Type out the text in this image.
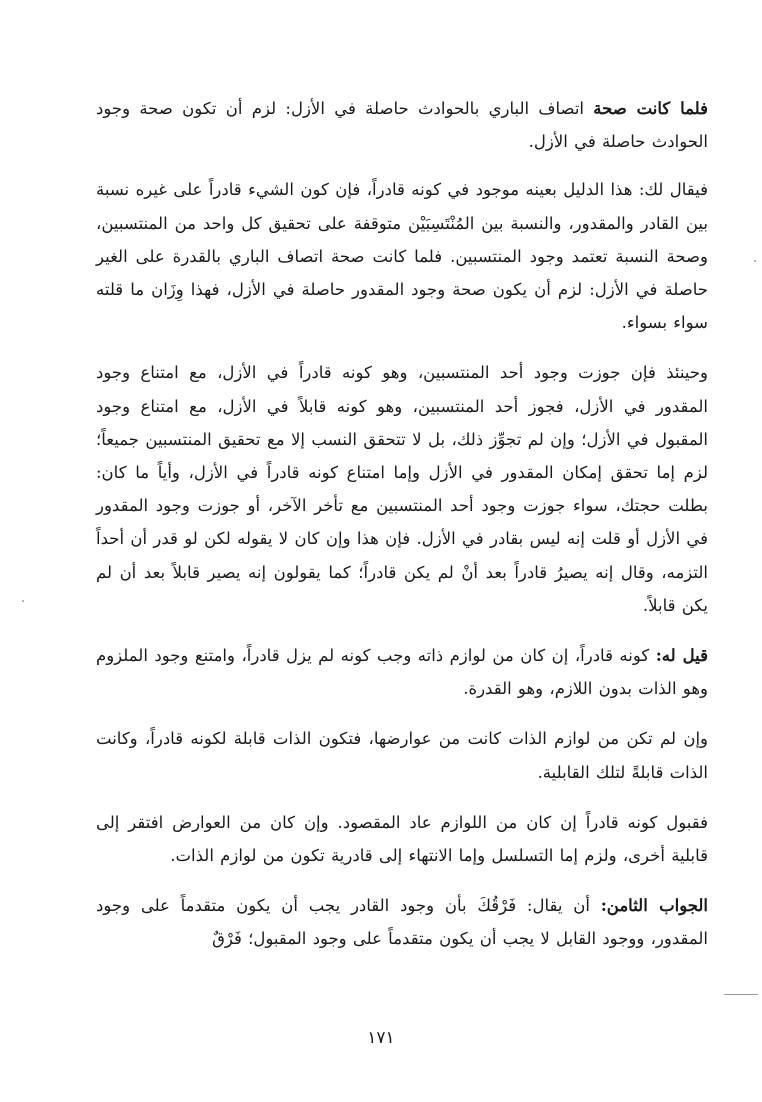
فلما كانت صحة اتصاف الباري بالحوادث حاصلة في الأزل: لزم أن تكون صحة وجود الحوادث حاصلة في الأزل.

فيقال لك: هذا الدليل بعينه موجود في كونه قادراً، فإن كون الشيء قادراً على غيره نسبة بين القادر والمقدور، والنسبة بين المُنْتَسِبَيْن متوقفة على تحقيق كل واحد من المنتسبين، وصحة النسبة تعتمد وجود المنتسبين. فلما كانت صحة اتصاف الباري بالقدرة على الغير حاصلة في الأزل: لزم أن يكون صحة وجود المقدور حاصلة في الأزل، فهذا وِزَان ما قلته سواء بسواء.

وحينئذ فإن جوزت وجود أحد المنتسبين، وهو كونه قادراً في الأزل، مع امتناع وجود المقدور في الأزل، فجوز أحد المنتسبين، وهو كونه قابلاً في الأزل، مع امتناع وجود المقبول في الأزل؛ وإن لم تجوِّز ذلك، بل لا تتحقق النسب إلا مع تحقيق المنتسبين جميعاً؛ لزم إما تحقق إمكان المقدور في الأزل وإما امتناع كونه قادراً في الأزل، وأياً ما كان: بطلت حجتك، سواء جوزت وجود أحد المنتسبين مع تأخر الآخر، أو جوزت وجود المقدور في الأزل أو قلت إنه ليس بقادر في الأزل. فإن هذا وإن كان لا يقوله لكن لو قدر أن أحداً التزمه، وقال إنه يصيرُ قادراً بعد أنْ لم يكن قادراً؛ كما يقولون إنه يصير قابلاً بعد أن لم يكن قابلاً.

قيل له: كونه قادراً، إن كان من لوازم ذاته وجب كونه لم يزل قادراً، وامتنع وجود الملزوم وهو الذات بدون اللازم، وهو القدرة.

وإن لم تكن من لوازم الذات كانت من عوارضها، فتكون الذات قابلة لكونه قادراً، وكانت الذات قابلةً لتلك القابلية.

فقبول كونه قادراً إن كان من اللوازم عاد المقصود. وإن كان من العوارض افتقر إلى قابلية أخرى، ولزم إما التسلسل وإما الانتهاء إلى قادرية تكون من لوازم الذات.

الجواب الثامن: أن يقال: فَرْقُكَ بأن وجود القادر يجب أن يكون متقدماً على وجود المقدور، ووجود القابل لا يجب أن يكون متقدماً على وجود المقبول؛ فَرْقٌ

١٧١
